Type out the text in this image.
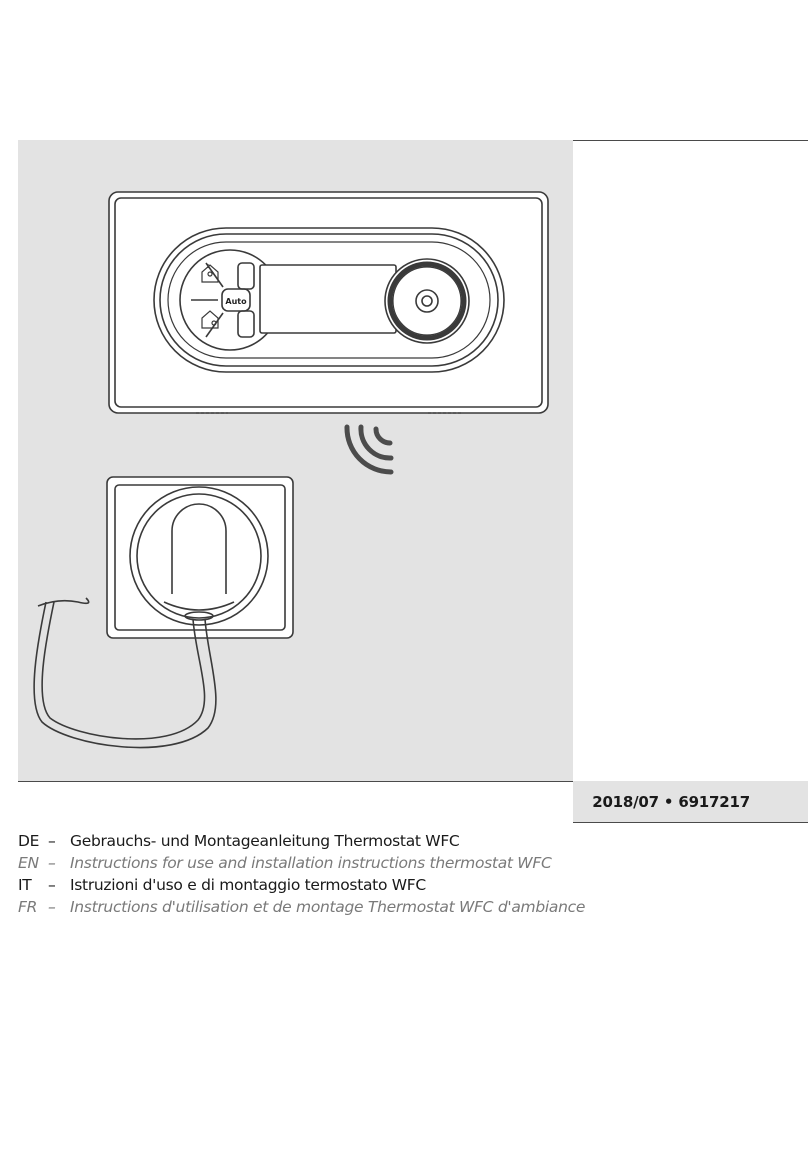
Auto
2018/07 • 6917217
DE – Gebrauchs- und Montageanleitung Thermostat WFC
EN – Instructions for use and installation instructions thermostat WFC
IT – Istruzioni d'uso e di montaggio termostato WFC
FR – Instructions d'utilisation et de montage Thermostat WFC d'ambiance
